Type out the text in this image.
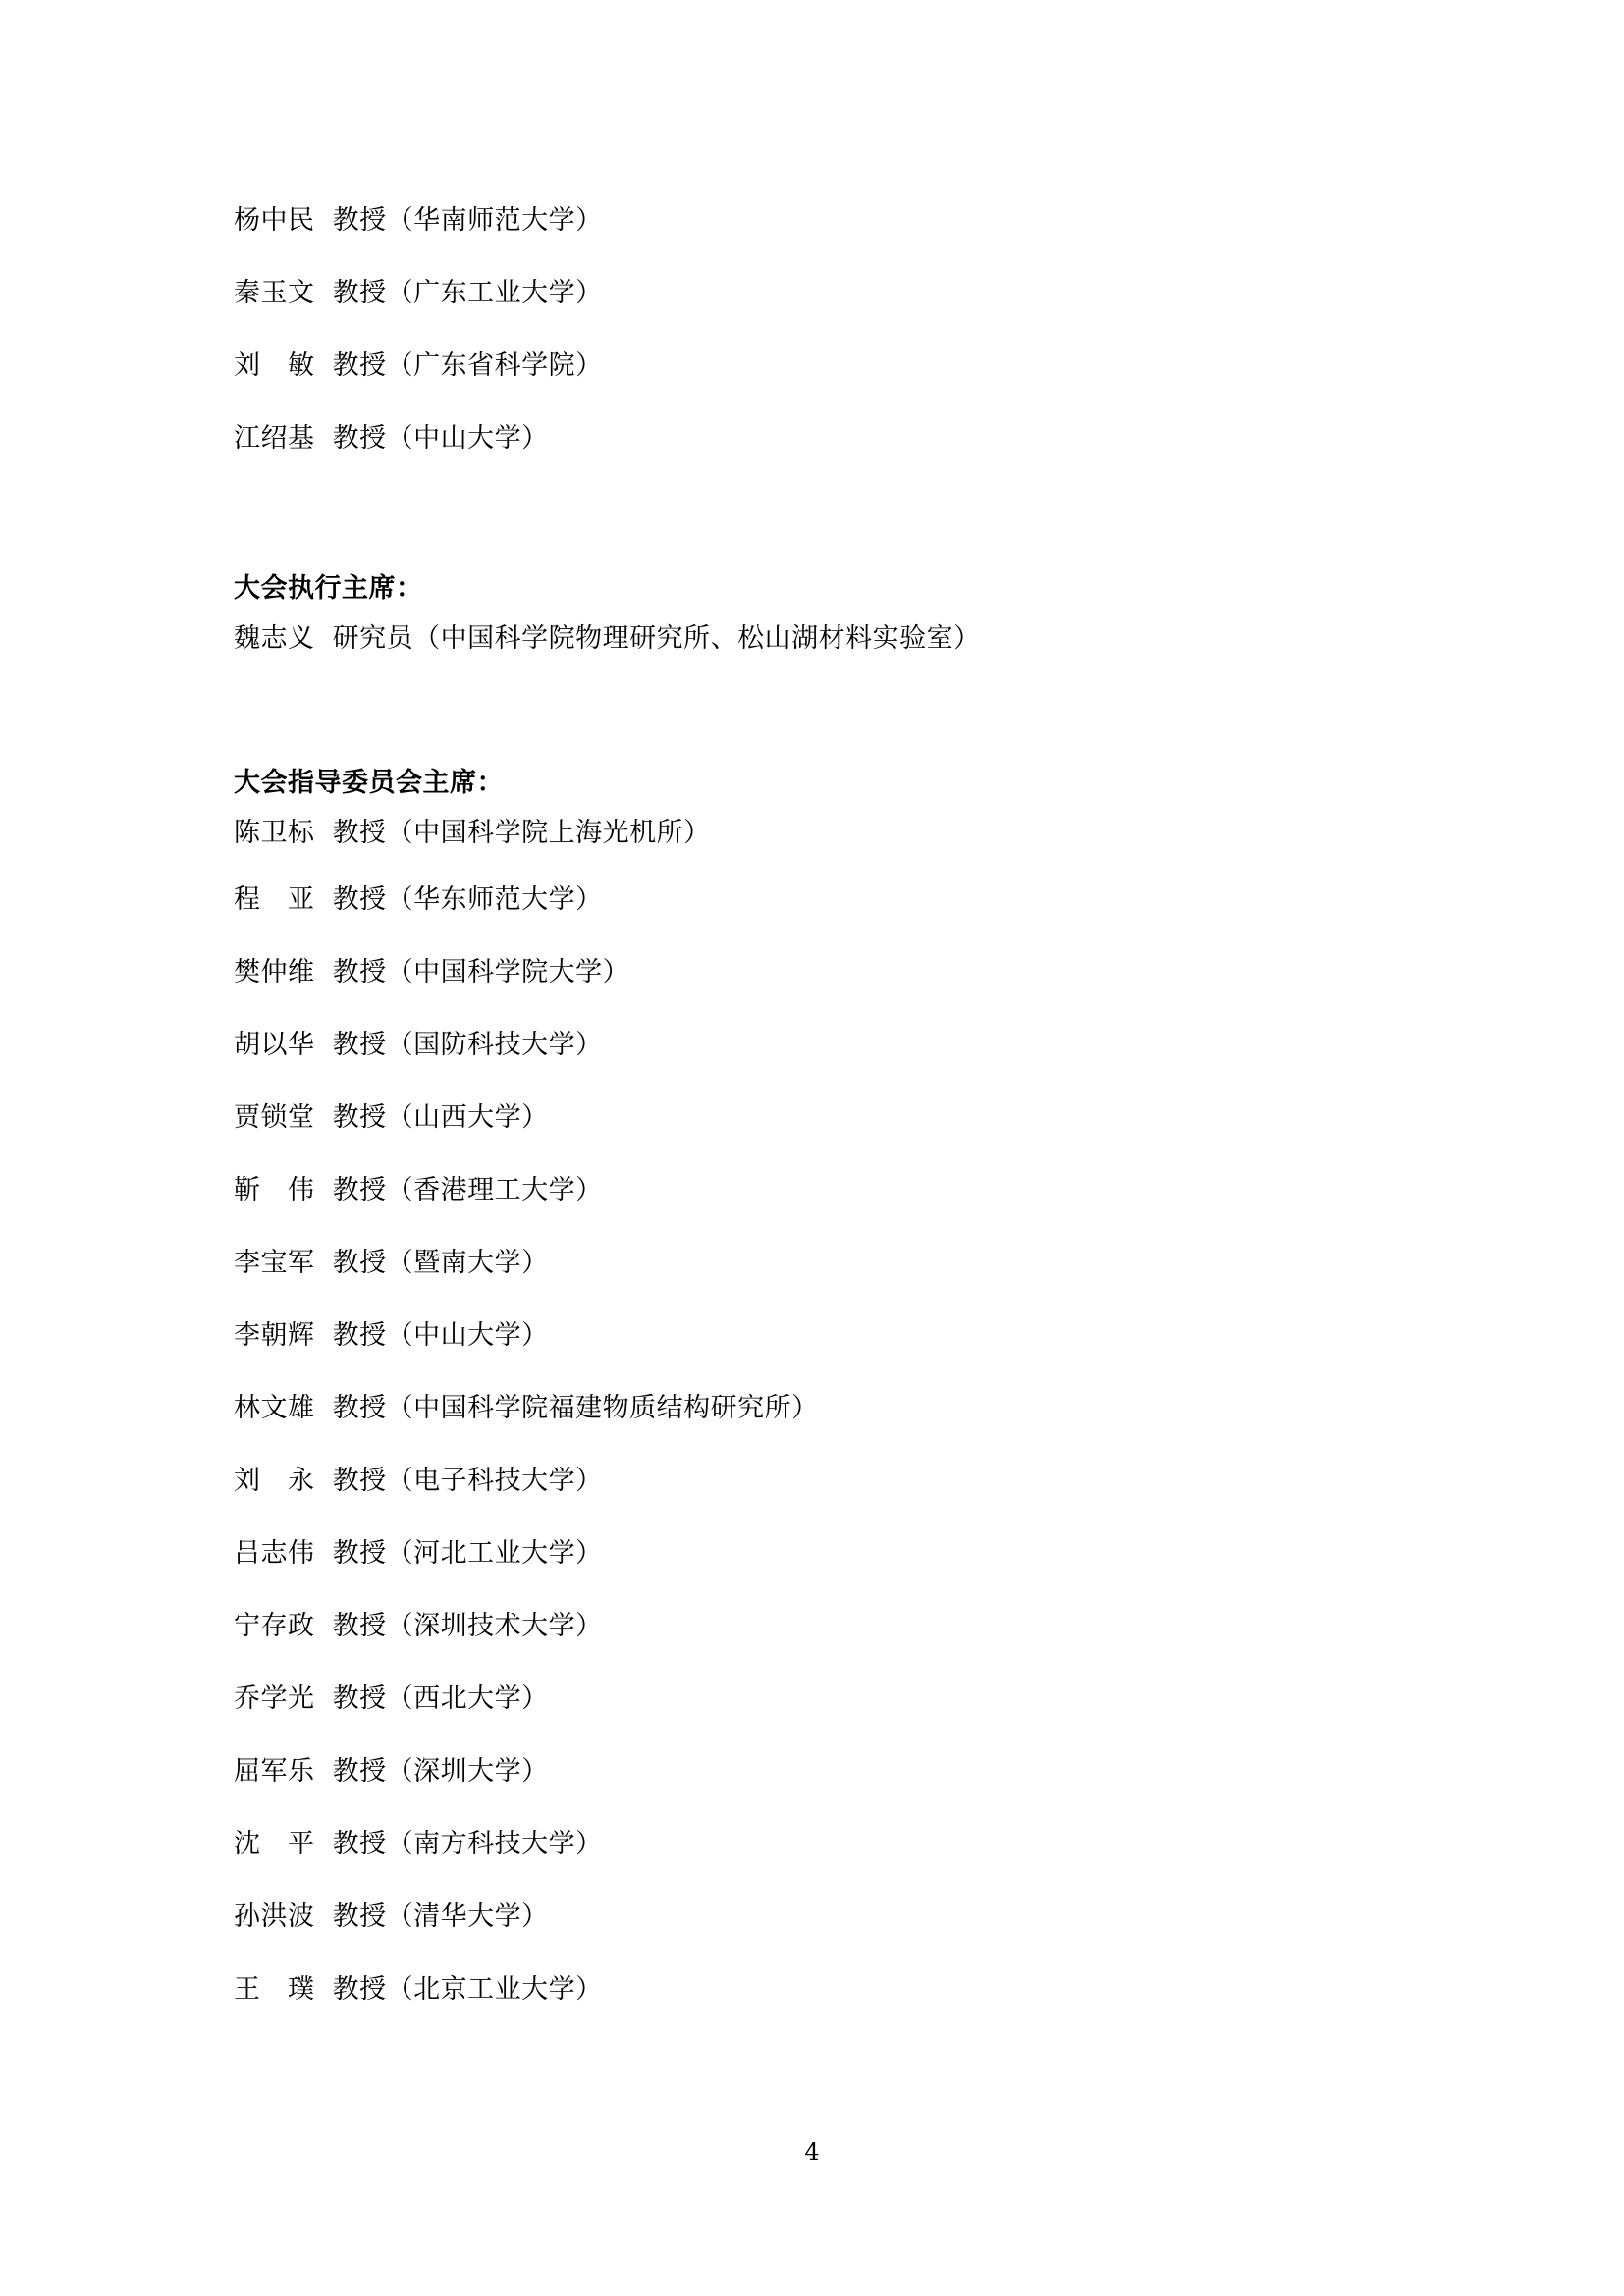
杨中民  教授（华南师范大学）
秦玉文  教授（广东工业大学）
刘　敏  教授（广东省科学院）
江绍基  教授（中山大学）
大会执行主席：
魏志义  研究员（中国科学院物理研究所、松山湖材料实验室）
大会指导委员会主席：
陈卫标  教授（中国科学院上海光机所）
程　亚  教授（华东师范大学）
樊仲维  教授（中国科学院大学）
胡以华  教授（国防科技大学）
贾锁堂  教授（山西大学）
靳　伟  教授（香港理工大学）
李宝军  教授（暨南大学）
李朝辉  教授（中山大学）
林文雄  教授（中国科学院福建物质结构研究所）
刘　永  教授（电子科技大学）
吕志伟  教授（河北工业大学）
宁存政  教授（深圳技术大学）
乔学光  教授（西北大学）
屈军乐  教授（深圳大学）
沈　平  教授（南方科技大学）
孙洪波  教授（清华大学）
王　璞  教授（北京工业大学）
4
